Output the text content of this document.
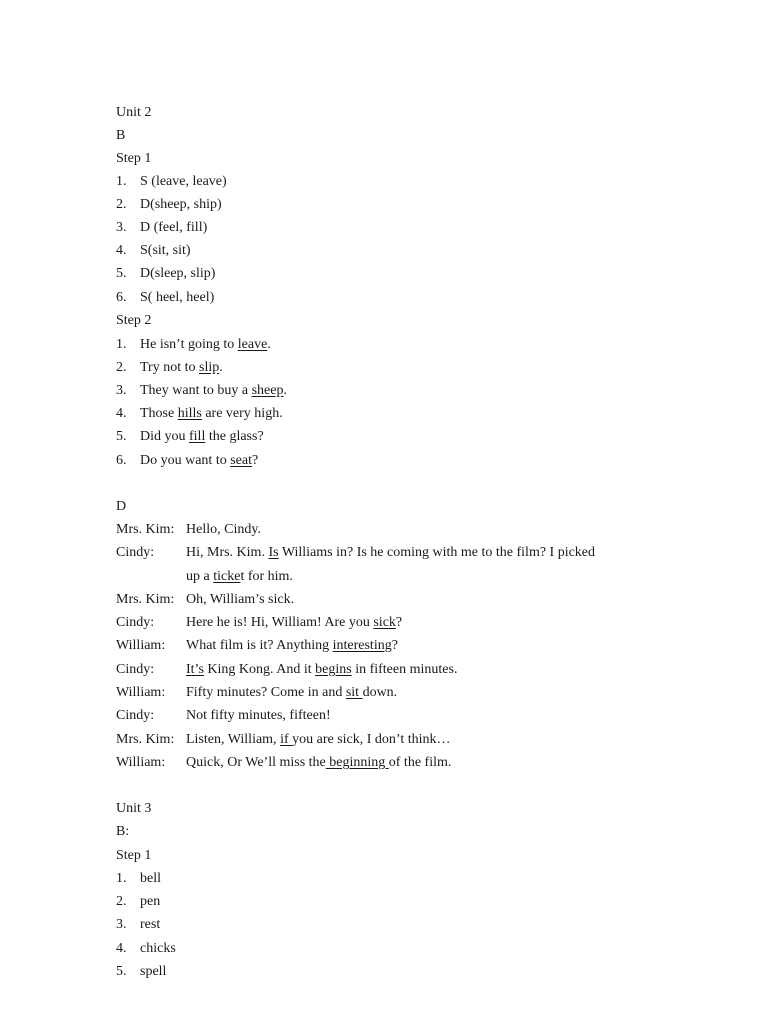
Unit 2
B
Step 1
1. S (leave, leave)
2. D(sheep, ship)
3. D (feel, fill)
4. S(sit, sit)
5. D(sleep, slip)
6. S( heel, heel)
Step 2
1. He isn’t going to leave.
2. Try not to slip.
3. They want to buy a sheep.
4. Those hills are very high.
5. Did you fill the glass?
6. Do you want to seat?
D
Mrs. Kim: Hello, Cindy.
Cindy: Hi, Mrs. Kim. Is Williams in? Is he coming with me to the film? I picked
up a ticket for him.
Mrs. Kim: Oh, William’s sick.
Cindy: Here he is! Hi, William! Are you sick?
William: What film is it? Anything interesting?
Cindy: It’s King Kong. And it begins in fifteen minutes.
William: Fifty minutes? Come in and sit down.
Cindy: Not fifty minutes, fifteen!
Mrs. Kim: Listen, William, if you are sick, I don’t think…
William: Quick, Or We’ll miss the beginning of the film.
Unit 3
B:
Step 1
1. bell
2. pen
3. rest
4. chicks
5. spell
